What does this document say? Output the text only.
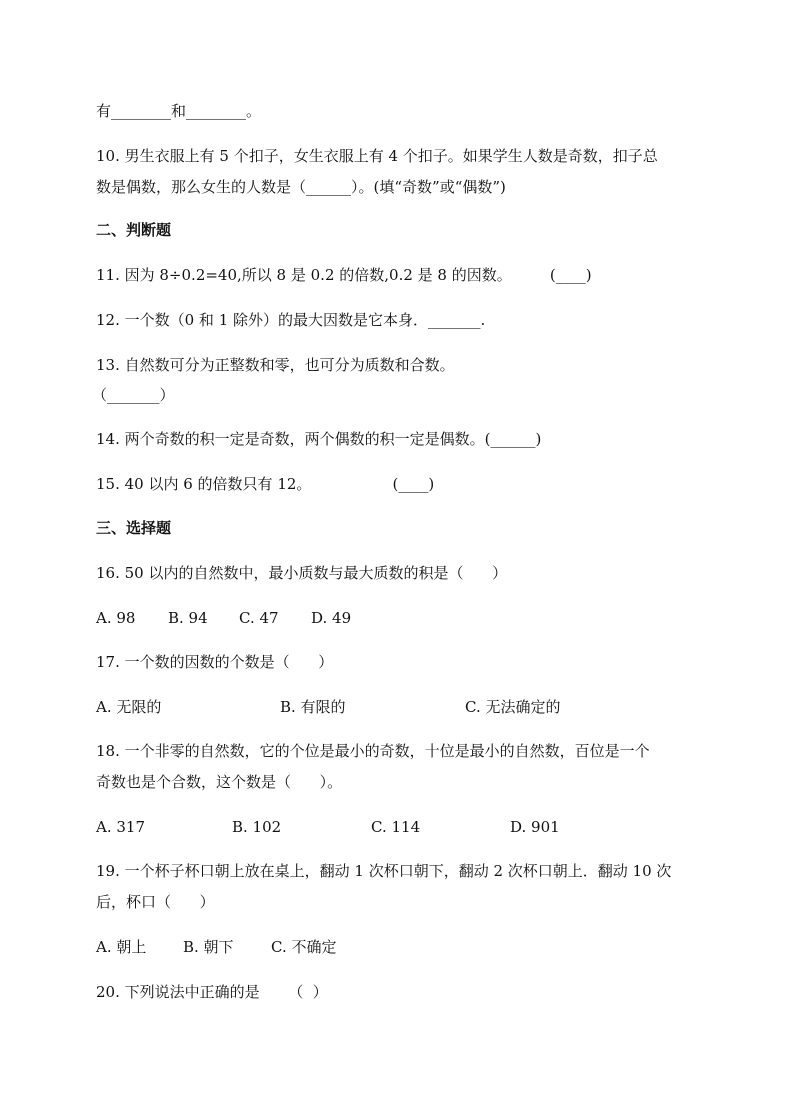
有________和________。
10. 男生衣服上有 5 个扣子，女生衣服上有 4 个扣子。如果学生人数是奇数，扣子总
数是偶数，那么女生的人数是（______）。(填“奇数”或“偶数”)
二、判断题
11. 因为 8÷0.2=40,所以 8 是 0.2 的倍数,0.2 是 8 的因数。        (____)
12. 一个数（0 和 1 除外）的最大因数是它本身．_______.
13. 自然数可分为正整数和零，也可分为质数和合数。
（_______）
14. 两个奇数的积一定是奇数，两个偶数的积一定是偶数。(______)
15. 40 以内 6 的倍数只有 12。                 (____)
三、选择题
16. 50 以内的自然数中，最小质数与最大质数的积是（      ）

A. 98

B. 94

C. 47

D. 49

17. 一个数的因数的个数是（      ）

A. 无限的

	B. 有限的

	C. 无法确定的

18. 一个非零的自然数，它的个位是最小的奇数，十位是最小的自然数，百位是一个
奇数也是个合数，这个数是（      ）。

A. 317

	B. 102

	C. 114

	D. 901

19. 一个杯子杯口朝上放在桌上，翻动 1 次杯口朝下，翻动 2 次杯口朝上．翻动 10 次
后，杯口（      ）

A. 朝上

B. 朝下

C. 不确定

20. 下列说法中正确的是      （  ）
